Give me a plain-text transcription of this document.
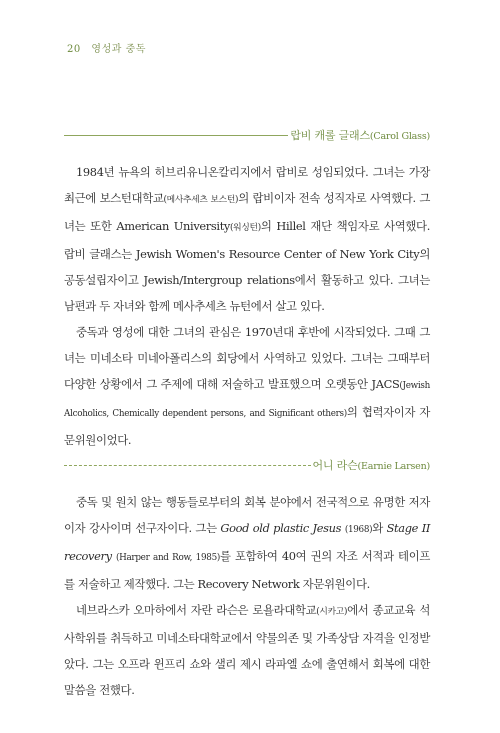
20 영성과 중독
랍비 캐롤 글래스(Carol Glass)

1984년 뉴욕의 히브리유니온칼리지에서 랍비로 성임되었다. 그녀는 가장 최근에 보스턴대학교(메사추세츠 보스턴)의 랍비이자 전속 성직자로 사역했다. 그녀는 또한 American University(워싱턴)의 Hillel 재단 책임자로 사역했다. 랍비 글래스는 Jewish Women's Resource Center of New York City의 공동설립자이고 Jewish/Intergroup relations에서 활동하고 있다. 그녀는 남편과 두 자녀와 함께 메사추세츠 뉴턴에서 살고 있다.

중독과 영성에 대한 그녀의 관심은 1970년대 후반에 시작되었다. 그때 그녀는 미네소타 미네아폴리스의 회당에서 사역하고 있었다. 그녀는 그때부터 다양한 상황에서 그 주제에 대해 저술하고 발표했으며 오랫동안 JACS(Jewish Alcoholics, Chemically dependent persons, and Significant others)의 협력자이자 자문위원이었다.

어니 라슨(Earnie Larsen)

중독 및 원치 않는 행동들로부터의 회복 분야에서 전국적으로 유명한 저자이자 강사이며 선구자이다. 그는 Good old plastic Jesus (1968)와 Stage II recovery (Harper and Row, 1985)를 포함하여 40여 권의 자조 서적과 테이프를 저술하고 제작했다. 그는 Recovery Network 자문위원이다.

네브라스카 오마하에서 자란 라슨은 로욜라대학교(시카고)에서 종교교육 석사학위를 취득하고 미네소타대학교에서 약물의존 및 가족상담 자격을 인정받았다. 그는 오프라 윈프리 쇼와 샐리 제시 라파엘 쇼에 출연해서 회복에 대한 말씀을 전했다.
